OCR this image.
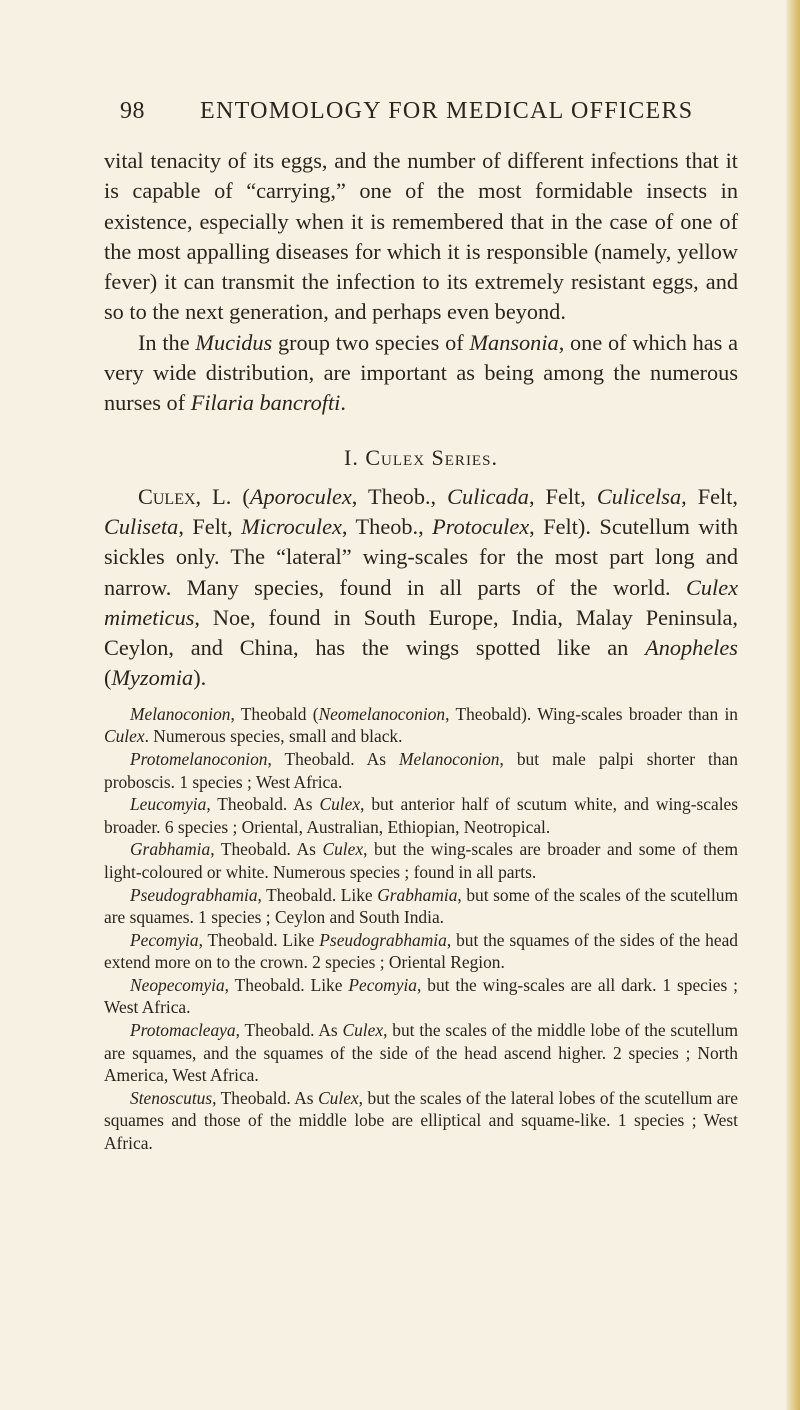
98 ENTOMOLOGY FOR MEDICAL OFFICERS

vital tenacity of its eggs, and the number of different infections that it is capable of “carrying,” one of the most formidable insects in existence, especially when it is remembered that in the case of one of the most appalling diseases for which it is responsible (namely, yellow fever) it can transmit the infection to its extremely resistant eggs, and so to the next generation, and perhaps even beyond.

In the Mucidus group two species of Mansonia, one of which has a very wide distribution, are important as being among the numerous nurses of Filaria bancrofti.

I. Culex Series.

Culex, L. (Aporoculex, Theob., Culicada, Felt, Culicelsa, Felt, Culiseta, Felt, Microculex, Theob., Protoculex, Felt). Scutellum with sickles only. The “lateral” wing-scales for the most part long and narrow. Many species, found in all parts of the world. Culex mimeticus, Noe, found in South Europe, India, Malay Peninsula, Ceylon, and China, has the wings spotted like an Anopheles (Myzomia).

Melanoconion, Theobald (Neomelanoconion, Theobald). Wing-scales broader than in Culex. Numerous species, small and black.

Protomelanoconion, Theobald. As Melanoconion, but male palpi shorter than proboscis. 1 species ; West Africa.

Leucomyia, Theobald. As Culex, but anterior half of scutum white, and wing-scales broader. 6 species ; Oriental, Australian, Ethiopian, Neotropical.

Grabhamia, Theobald. As Culex, but the wing-scales are broader and some of them light-coloured or white. Numerous species ; found in all parts.

Pseudograbhamia, Theobald. Like Grabhamia, but some of the scales of the scutellum are squames. 1 species ; Ceylon and South India.

Pecomyia, Theobald. Like Pseudograbhamia, but the squames of the sides of the head extend more on to the crown. 2 species ; Oriental Region.

Neopecomyia, Theobald. Like Pecomyia, but the wing-scales are all dark. 1 species ; West Africa.

Protomacleaya, Theobald. As Culex, but the scales of the middle lobe of the scutellum are squames, and the squames of the side of the head ascend higher. 2 species ; North America, West Africa.

Stenoscutus, Theobald. As Culex, but the scales of the lateral lobes of the scutellum are squames and those of the middle lobe are elliptical and squame-like. 1 species ; West Africa.
